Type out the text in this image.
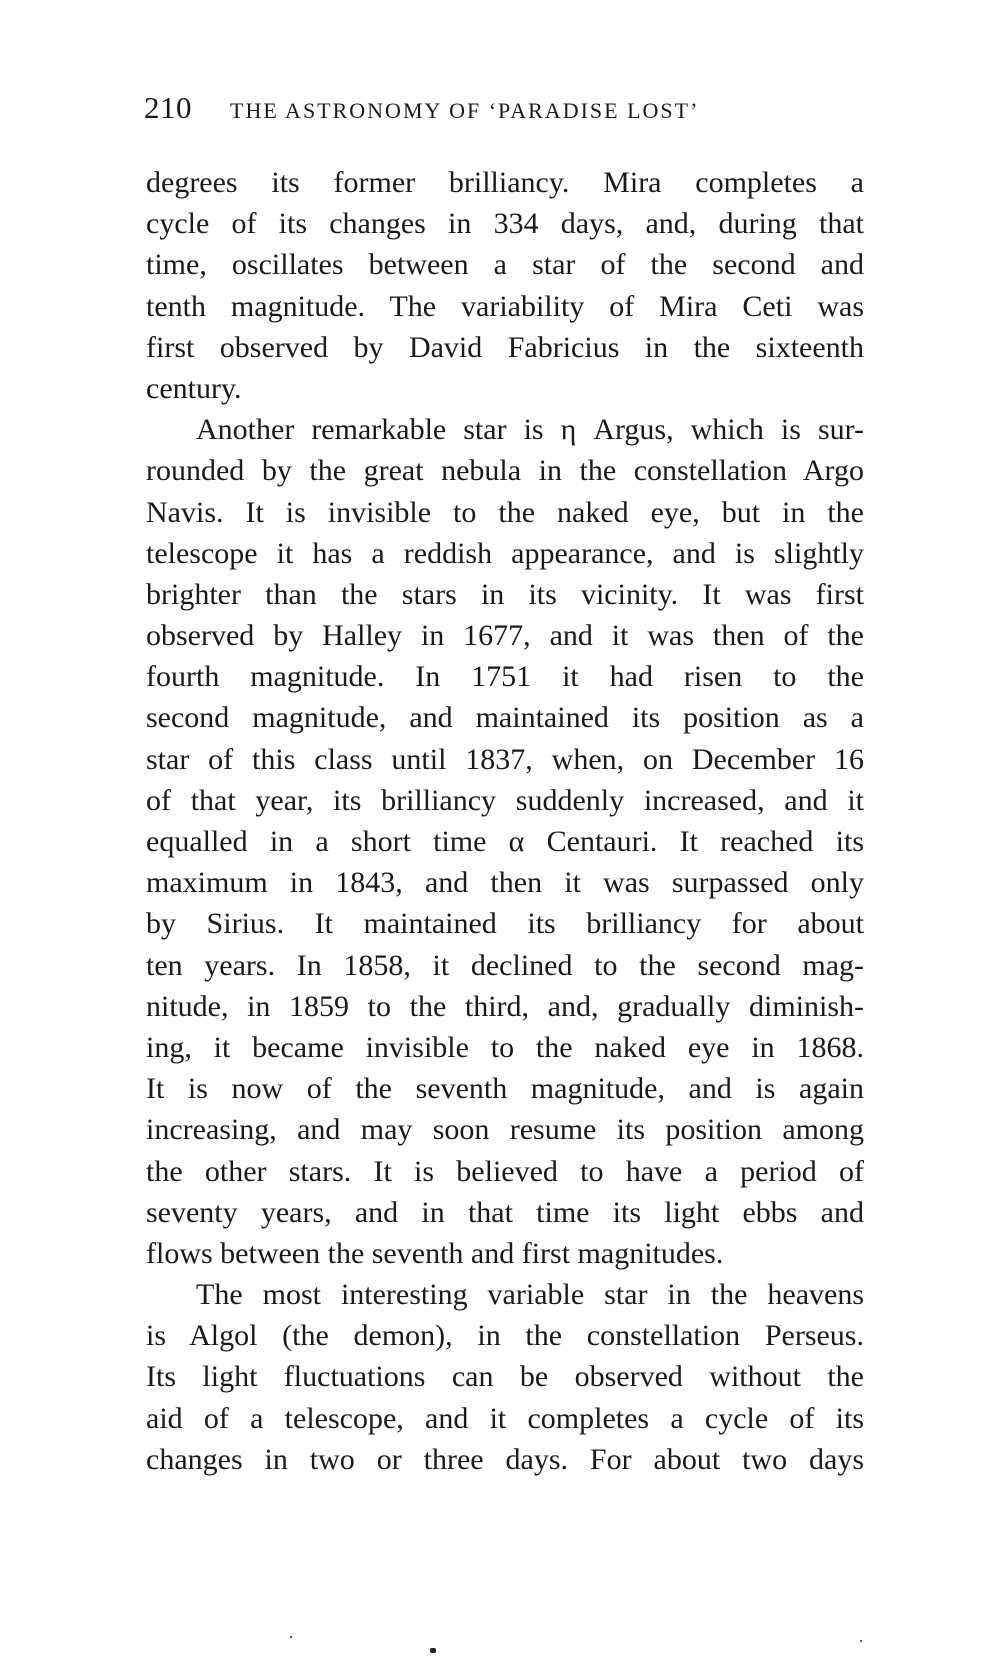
210 THE ASTRONOMY OF ‘PARADISE LOST’
degrees its former brilliancy. Mira completes a
cycle of its changes in 334 days, and, during that
time, oscillates between a star of the second and
tenth magnitude. The variability of Mira Ceti was
first observed by David Fabricius in the sixteenth
century.
Another remarkable star is η Argus, which is sur-
rounded by the great nebula in the constellation Argo
Navis. It is invisible to the naked eye, but in the
telescope it has a reddish appearance, and is slightly
brighter than the stars in its vicinity. It was first
observed by Halley in 1677, and it was then of the
fourth magnitude. In 1751 it had risen to the
second magnitude, and maintained its position as a
star of this class until 1837, when, on December 16
of that year, its brilliancy suddenly increased, and it
equalled in a short time α Centauri. It reached its
maximum in 1843, and then it was surpassed only
by Sirius. It maintained its brilliancy for about
ten years. In 1858, it declined to the second mag-
nitude, in 1859 to the third, and, gradually diminish-
ing, it became invisible to the naked eye in 1868.
It is now of the seventh magnitude, and is again
increasing, and may soon resume its position among
the other stars. It is believed to have a period of
seventy years, and in that time its light ebbs and
flows between the seventh and first magnitudes.
The most interesting variable star in the heavens
is Algol (the demon), in the constellation Perseus.
Its light fluctuations can be observed without the
aid of a telescope, and it completes a cycle of its
changes in two or three days. For about two days
